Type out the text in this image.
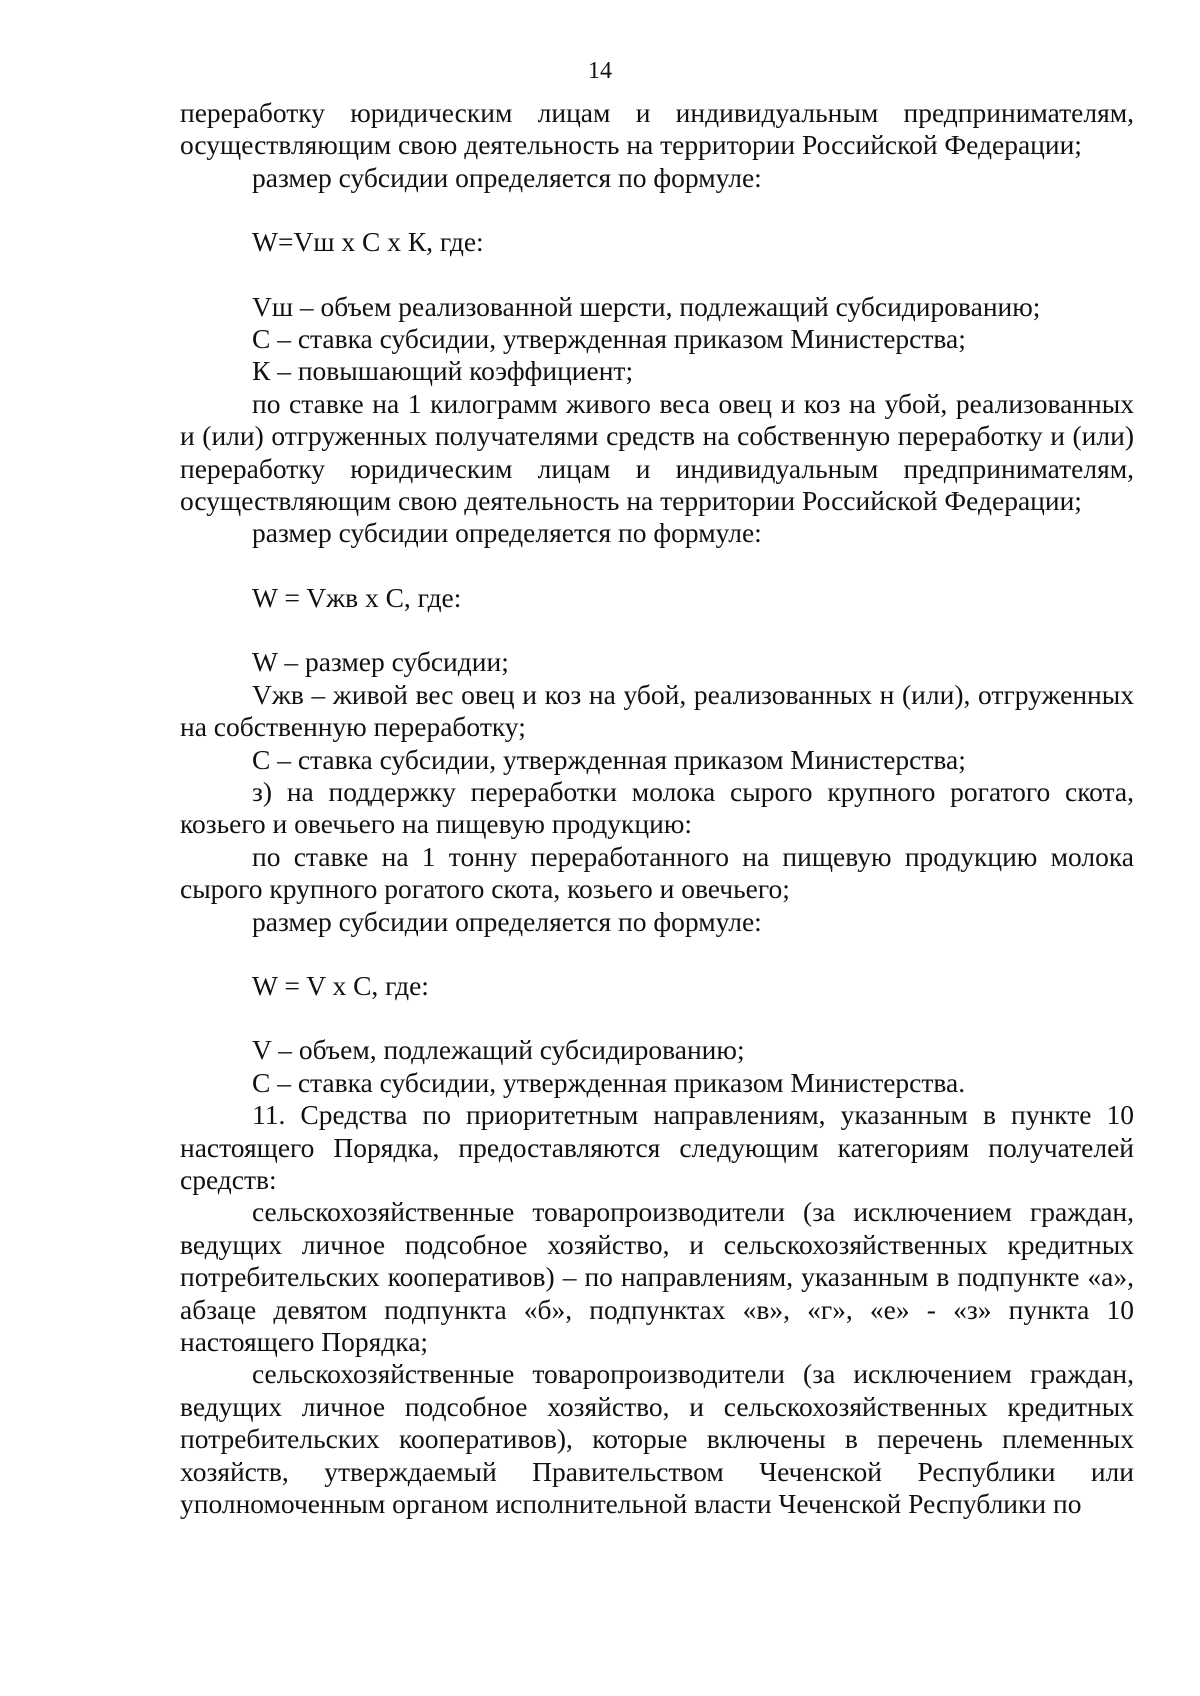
14

переработку юридическим лицам и индивидуальным предпринимателям, осуществляющим свою деятельность на территории Российской Федерации;

размер субсидии определяется по формуле:

W=Vш х С х К, где:

Vш – объем реализованной шерсти, подлежащий субсидированию;

С – ставка субсидии, утвержденная приказом Министерства;

К – повышающий коэффициент;

по ставке на 1 килограмм живого веса овец и коз на убой, реализованных и (или) отгруженных получателями средств на собственную переработку и (или) переработку юридическим лицам и индивидуальным предпринимателям, осуществляющим свою деятельность на территории Российской Федерации;

размер субсидии определяется по формуле:

W = Vжв х С, где:

W – размер субсидии;

Vжв – живой вес овец и коз на убой, реализованных н (или), отгруженных на собственную переработку;

С – ставка субсидии, утвержденная приказом Министерства;

з) на поддержку переработки молока сырого крупного рогатого скота, козьего и овечьего на пищевую продукцию:

по ставке на 1 тонну переработанного на пищевую продукцию молока сырого крупного рогатого скота, козьего и овечьего;

размер субсидии определяется по формуле:

W = V х С, где:

V – объем, подлежащий субсидированию;

С – ставка субсидии, утвержденная приказом Министерства.

11. Средства по приоритетным направлениям, указанным в пункте 10 настоящего Порядка, предоставляются следующим категориям получателей средств:

сельскохозяйственные товаропроизводители (за исключением граждан, ведущих личное подсобное хозяйство, и сельскохозяйственных кредитных потребительских кооперативов) – по направлениям, указанным в подпункте «а», абзаце девятом подпункта «б», подпунктах «в», «г», «е» - «з» пункта 10 настоящего Порядка;

сельскохозяйственные товаропроизводители (за исключением граждан, ведущих личное подсобное хозяйство, и сельскохозяйственных кредитных потребительских кооперативов), которые включены в перечень племенных хозяйств, утверждаемый Правительством Чеченской Республики или уполномоченным органом исполнительной власти Чеченской Республики по
